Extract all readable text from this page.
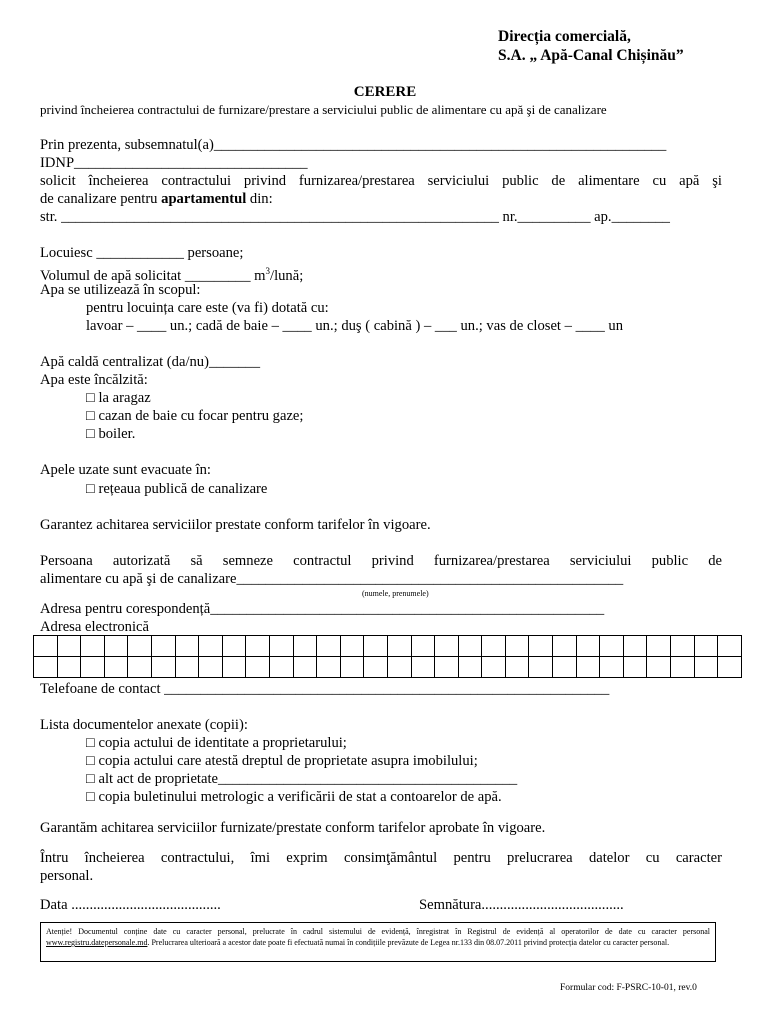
Direcția comercială,
S.A. „ Apă-Canal Chișinău”
CERERE
privind încheierea contractului de furnizare/prestare a serviciului public de alimentare cu apă şi de canalizare
Prin prezenta, subsemnatul(a)______________________________________________________________
IDNP________________________________
solicit încheierea contractului privind furnizarea/prestarea serviciului public de alimentare cu apă şi
de canalizare pentru apartamentul din:
str. ____________________________________________________________ nr.__________ ap.________
Locuiesc ____________ persoane;
Volumul de apă solicitat _________ $m^3$/lună;
Apa se utilizează în scopul:
pentru locuința care este (va fi) dotată cu:
lavoar – ____ un.; cadă de baie – ____ un.; duş ( cabină ) – ___ un.; vas de closet – ____ un
Apă caldă centralizat (da/nu)_______
Apa este încălzită:
□ la aragaz
□ cazan de baie cu focar pentru gaze;
□ boiler.
Apele uzate sunt evacuate în:
□ rețeaua publică de canalizare
Garantez achitarea serviciilor prestate conform tarifelor în vigoare.
Persoana autorizată să semneze contractul privind furnizarea/prestarea serviciului public de
alimentare cu apă şi de canalizare_____________________________________________________
(numele, prenumele)
Adresa pentru corespondență______________________________________________________
Adresa electronică

Telefoane de contact _____________________________________________________________
Lista documentelor anexate (copii):
□ copia actului de identitate a proprietarului;
□ copia actului care atestă dreptul de proprietate asupra imobilului;
□ alt act de proprietate_________________________________________
□ copia buletinului metrologic a verificării de stat a contoarelor de apă.
Garantăm achitarea serviciilor furnizate/prestate conform tarifelor aprobate în vigoare.
Întru încheierea contractului, îmi exprim consimţământul pentru prelucrarea datelor cu caracter
personal.
Data .........................................	Semnătura.......................................
Atenție! Documentul conține date cu caracter personal, prelucrate în cadrul sistemului de evidență, înregistrat în Registrul de evidență al operatorilor de date cu caracter personal www.registru.datepersonale.md. Prelucrarea ulterioară a acestor date poate fi efectuată numai în condițiile prevăzute de Legea nr.133 din 08.07.2011 privind protecția datelor cu caracter personal.
Formular cod: F-PSRC-10-01, rev.0
